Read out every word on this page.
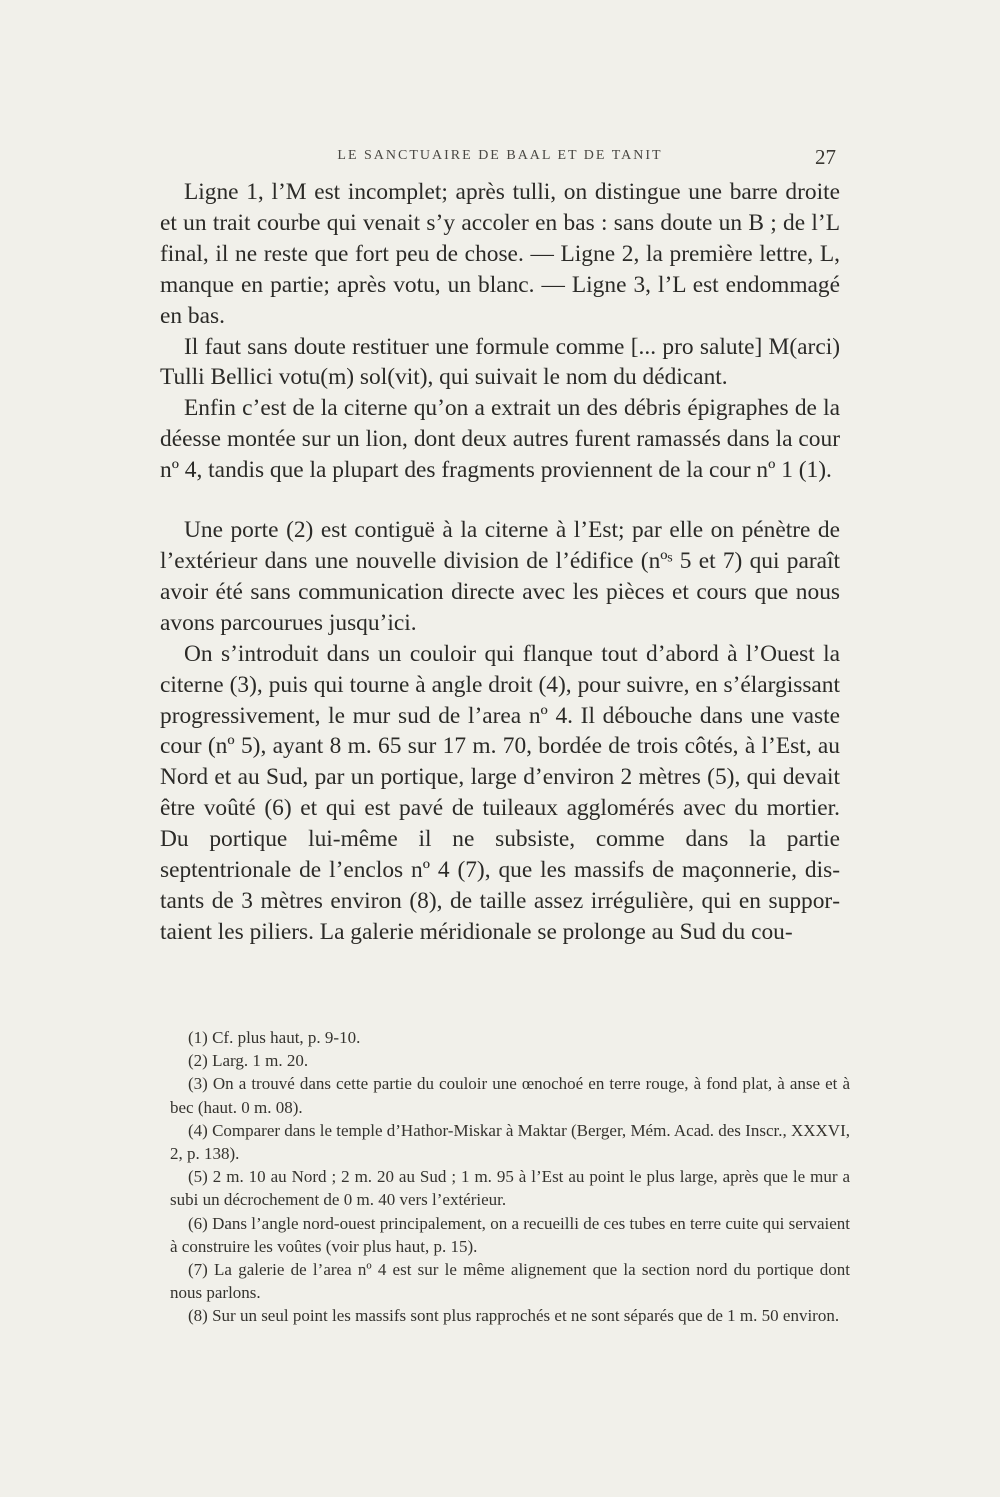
LE SANCTUAIRE DE BAAL ET DE TANIT	27

Ligne 1, l’M est incomplet; après tulli, on distingue une barre droite et un trait courbe qui venait s’y accoler en bas : sans doute un B ; de l’L final, il ne reste que fort peu de chose. — Ligne 2, la première lettre, L, manque en partie; après votu, un blanc. — Ligne 3, l’L est endommagé en bas.

Il faut sans doute restituer une formule comme [... pro salute] M(arci) Tulli Bellici votu(m) sol(vit), qui suivait le nom du dédicant.

Enfin c’est de la citerne qu’on a extrait un des débris épigraphes de la déesse montée sur un lion, dont deux autres furent ramassés dans la cour nº 4, tandis que la plupart des fragments proviennent de la cour nº 1 (1).

Une porte (2) est contiguë à la citerne à l’Est; par elle on pénètre de l’extérieur dans une nouvelle division de l’édifice (nºˢ 5 et 7) qui paraît avoir été sans communication directe avec les pièces et cours que nous avons parcourues jusqu’ici.

On s’introduit dans un couloir qui flanque tout d’abord à l’Ouest la citerne (3), puis qui tourne à angle droit (4), pour suivre, en s’élargissant progressivement, le mur sud de l’area nº 4. Il débouche dans une vaste cour (nº 5), ayant 8 m. 65 sur 17 m. 70, bordée de trois côtés, à l’Est, au Nord et au Sud, par un portique, large d’environ 2 mètres (5), qui devait être voûté (6) et qui est pavé de tuileaux agglomérés avec du mortier. Du portique lui-même il ne subsiste, comme dans la partie septentrionale de l’enclos nº 4 (7), que les massifs de maçonnerie, distants de 3 mètres environ (8), de taille assez irrégulière, qui en supportaient les piliers. La galerie méridionale se prolonge au Sud du cou-

(1) Cf. plus haut, p. 9-10.

(2) Larg. 1 m. 20.

(3) On a trouvé dans cette partie du couloir une œnochoé en terre rouge, à fond plat, à anse et à bec (haut. 0 m. 08).

(4) Comparer dans le temple d’Hathor-Miskar à Maktar (Berger, Mém. Acad. des Inscr., XXXVI, 2, p. 138).

(5) 2 m. 10 au Nord ; 2 m. 20 au Sud ; 1 m. 95 à l’Est au point le plus large, après que le mur a subi un décrochement de 0 m. 40 vers l’extérieur.

(6) Dans l’angle nord-ouest principalement, on a recueilli de ces tubes en terre cuite qui servaient à construire les voûtes (voir plus haut, p. 15).

(7) La galerie de l’area nº 4 est sur le même alignement que la section nord du portique dont nous parlons.

(8) Sur un seul point les massifs sont plus rapprochés et ne sont séparés que de 1 m. 50 environ.
